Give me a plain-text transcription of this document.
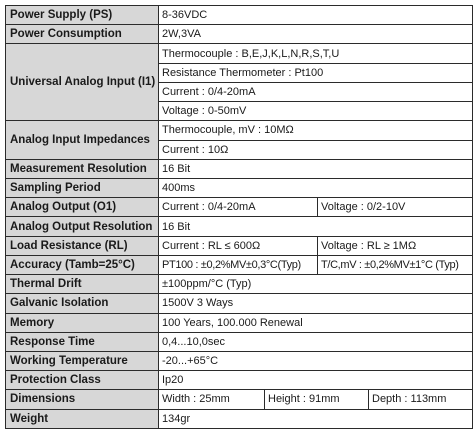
Power Supply (PS)	8-36VDC			
Power Consumption	2W,3VA			
Universal Analog Input (I1)	Thermocouple : B,E,J,K,L,N,R,S,T,U			
	Resistance Thermometer : Pt100			
	Current : 0/4-20mA			
	Voltage : 0-50mV			
Analog Input Impedances	Thermocouple, mV : 10MΩ			
	Current : 10Ω			
Measurement Resolution	16 Bit			
Sampling Period	400ms			
Analog Output (O1)	Current : 0/4-20mA		Voltage : 0/2-10V	
Analog Output Resolution	16 Bit			
Load Resistance (RL)	Current : RL ≤ 600Ω		Voltage : RL ≥ 1MΩ	
Accuracy (Tamb=25°C)	PT100 : ±0,2%MV±0,3°C(Typ)		T/C,mV : ±0,2%MV±1°C (Typ)	
Thermal Drift	±100ppm/°C (Typ)			
Galvanic Isolation	1500V 3 Ways			
Memory	100 Years, 100.000 Renewal			
Response Time	0,4...10,0sec			
Working Temperature	-20...+65°C			
Protection Class	Ip20			
Dimensions	Width : 25mm	Height : 91mm		Depth : 113mm
Weight	134gr			
